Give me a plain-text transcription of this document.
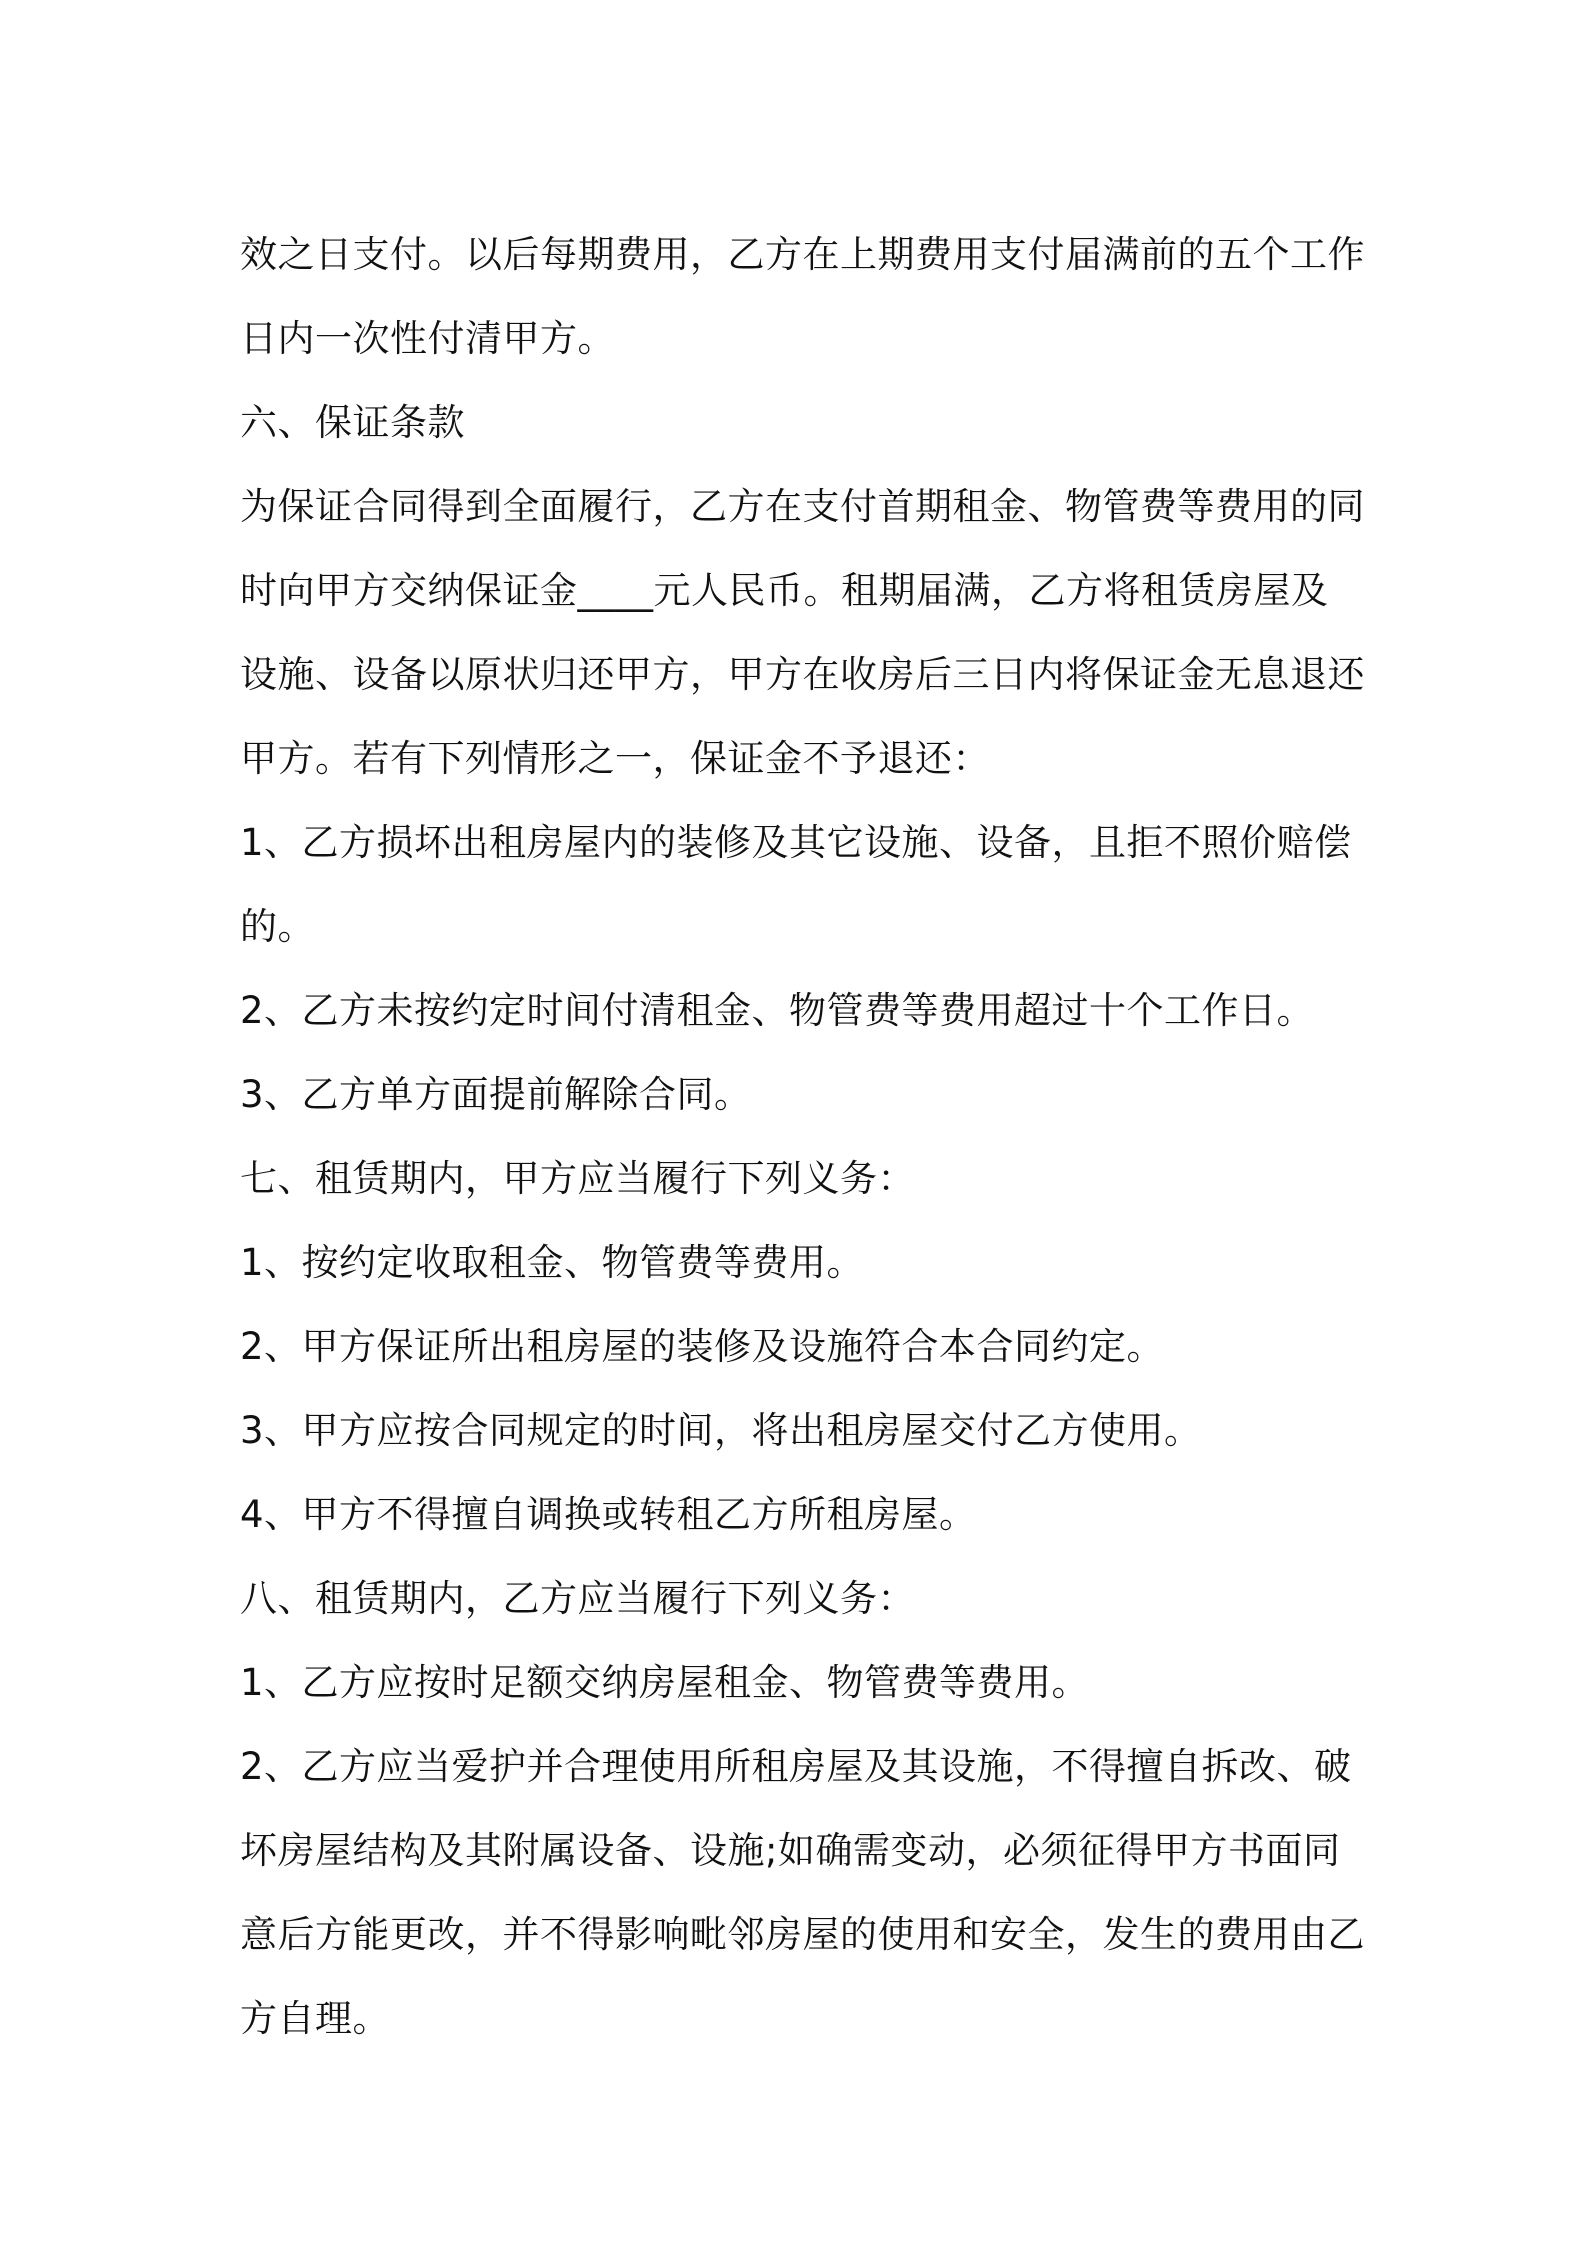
效之日支付。以后每期费用，乙方在上期费用支付届满前的五个工作

日内一次性付清甲方。

六、保证条款

为保证合同得到全面履行，乙方在支付首期租金、物管费等费用的同

时向甲方交纳保证金____元人民币。租期届满，乙方将租赁房屋及

设施、设备以原状归还甲方，甲方在收房后三日内将保证金无息退还

甲方。若有下列情形之一，保证金不予退还：

1、乙方损坏出租房屋内的装修及其它设施、设备，且拒不照价赔偿

的。

2、乙方未按约定时间付清租金、物管费等费用超过十个工作日。

3、乙方单方面提前解除合同。

七、租赁期内，甲方应当履行下列义务：

1、按约定收取租金、物管费等费用。

2、甲方保证所出租房屋的装修及设施符合本合同约定。

3、甲方应按合同规定的时间，将出租房屋交付乙方使用。

4、甲方不得擅自调换或转租乙方所租房屋。

八、租赁期内，乙方应当履行下列义务：

1、乙方应按时足额交纳房屋租金、物管费等费用。

2、乙方应当爱护并合理使用所租房屋及其设施，不得擅自拆改、破

坏房屋结构及其附属设备、设施;如确需变动，必须征得甲方书面同

意后方能更改，并不得影响毗邻房屋的使用和安全，发生的费用由乙

方自理。
